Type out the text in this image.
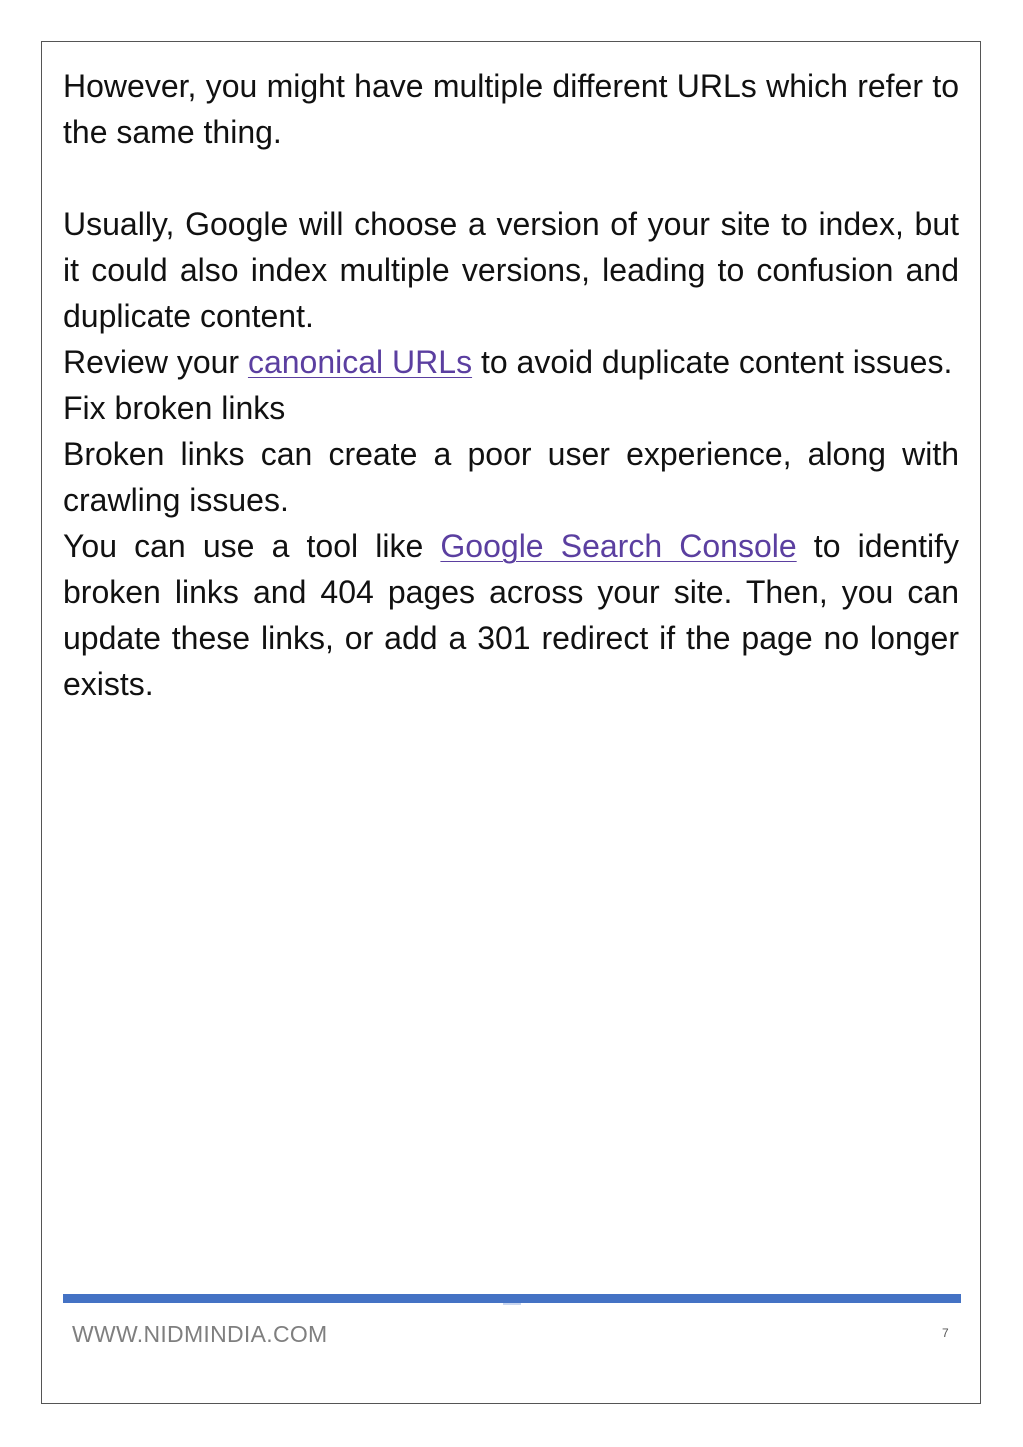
However, you might have multiple different URLs which refer to the same thing.

Usually, Google will choose a version of your site to index, but it could also index multiple versions, leading to confusion and duplicate content.

Review your canonical URLs to avoid duplicate content issues.

Fix broken links

Broken links can create a poor user experience, along with crawling issues.

You can use a tool like Google Search Console to identify broken links and 404 pages across your site. Then, you can update these links, or add a 301 redirect if the page no longer exists.

WWW.NIDMINDIA.COM	7
